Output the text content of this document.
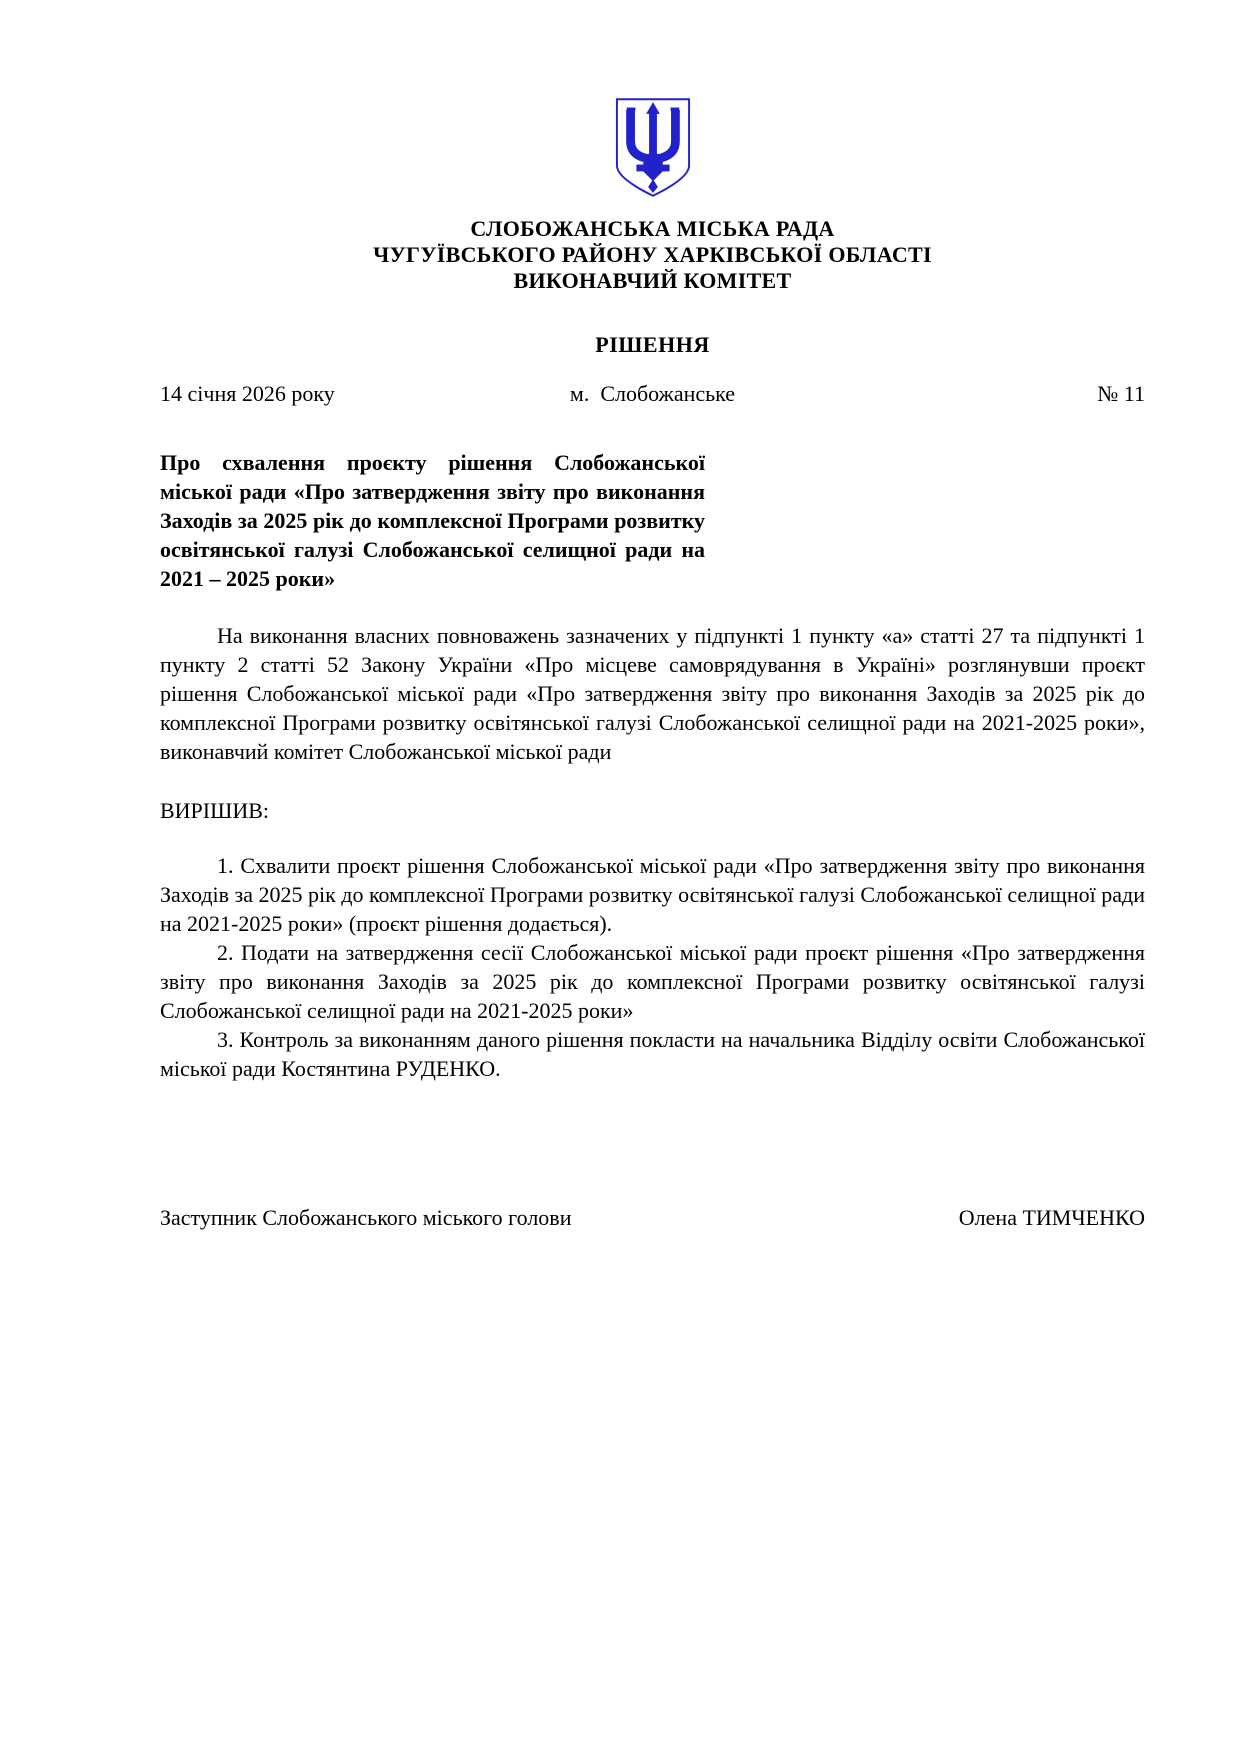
СЛОБОЖАНСЬКА МІСЬКА РАДА
ЧУГУЇВСЬКОГО РАЙОНУ ХАРКІВСЬКОЇ ОБЛАСТІ
ВИКОНАВЧИЙ КОМІТЕТ
РІШЕННЯ
14 січня 2026 року	м.  Слобожанське	№ 11
Про схвалення проєкту рішення Слобожанської міської ради «Про затвердження звіту про виконання Заходів за 2025 рік до комплексної Програми розвитку освітянської галузі Слобожанської селищної ради на 2021 – 2025 роки»

На виконання власних повноважень зазначених у підпункті 1 пункту «а» статті 27 та підпункті 1 пункту 2 статті 52 Закону України «Про місцеве самоврядування в Україні» розглянувши проєкт рішення Слобожанської міської ради «Про затвердження звіту про виконання Заходів за 2025 рік до комплексної Програми розвитку освітянської галузі Слобожанської селищної ради на 2021-2025 роки», виконавчий комітет Слобожанської міської ради

ВИРІШИВ:

1. Схвалити проєкт рішення Слобожанської міської ради «Про затвердження звіту про виконання Заходів за 2025 рік до комплексної Програми розвитку освітянської галузі Слобожанської селищної ради на 2021-2025 роки» (проєкт рішення додається).

2. Подати на затвердження сесії Слобожанської міської ради проєкт рішення «Про затвердження звіту про виконання Заходів за 2025 рік до комплексної Програми розвитку освітянської галузі Слобожанської селищної ради на 2021-2025 роки»

3. Контроль за виконанням даного рішення покласти на начальника Відділу освіти Слобожанської міської ради Костянтина РУДЕНКО.

Заступник Слобожанського міського голови	Олена ТИМЧЕНКО
